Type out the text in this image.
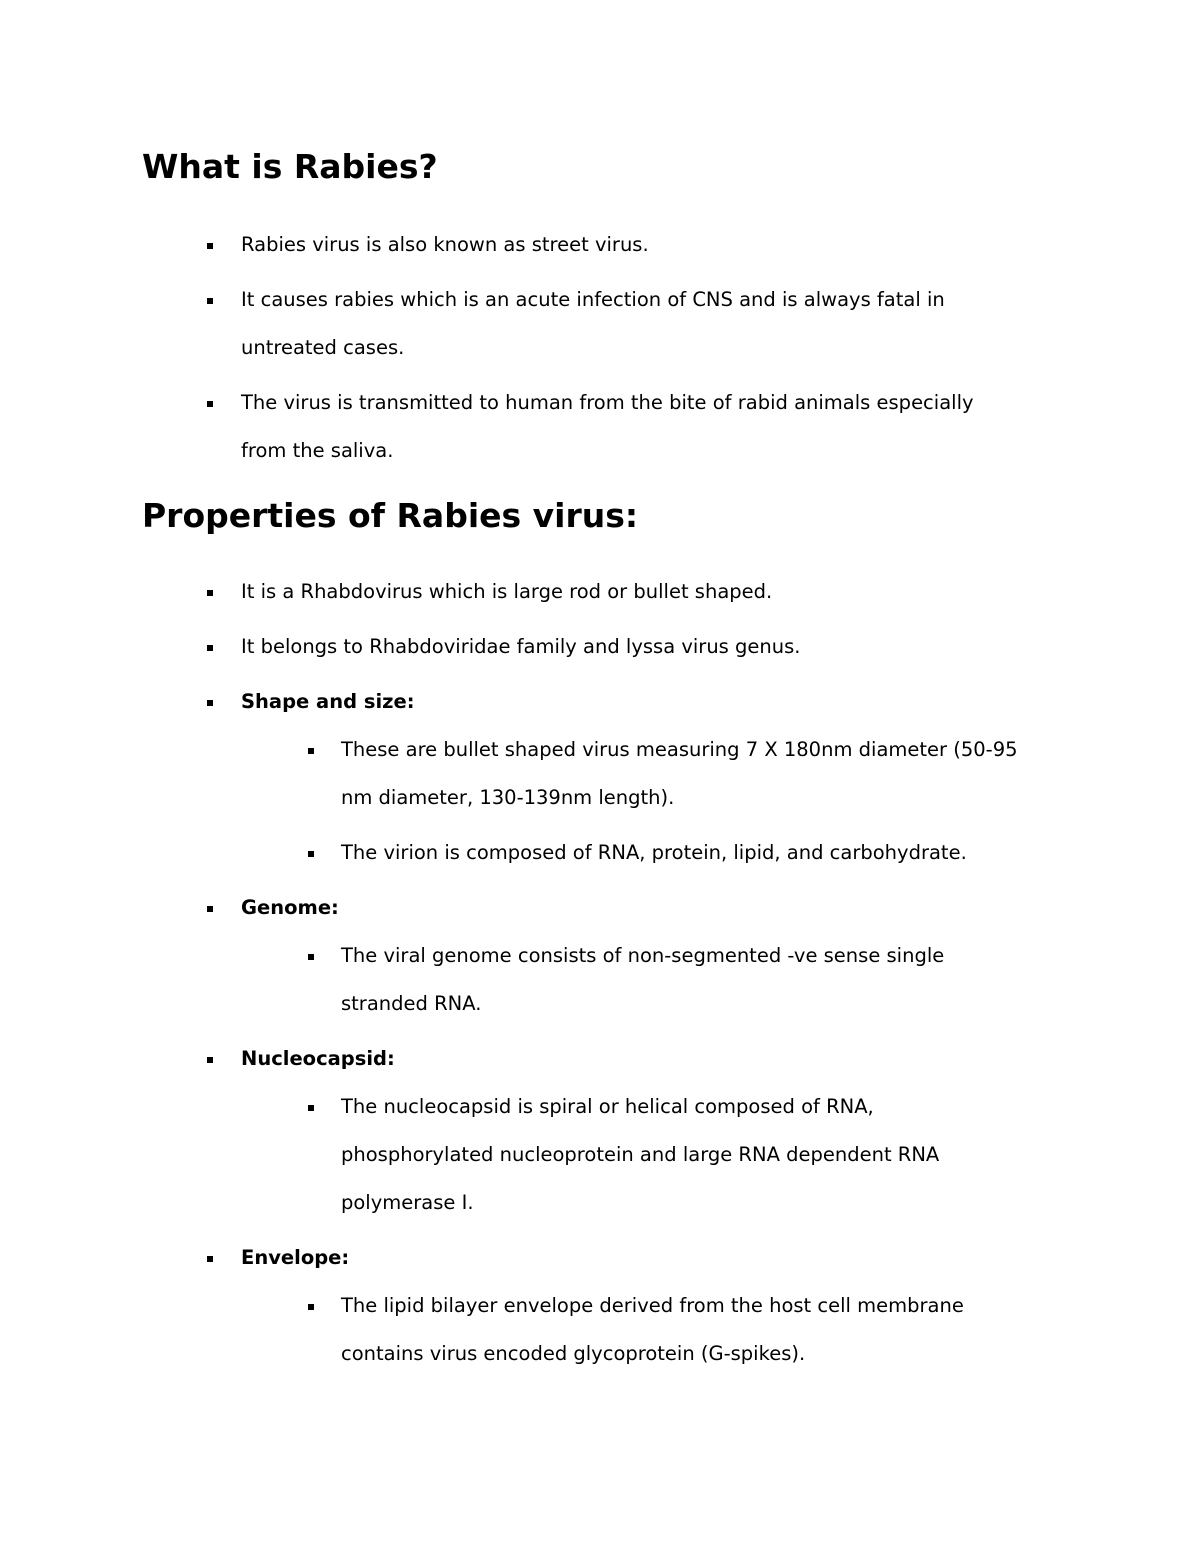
What is Rabies?
Rabies virus is also known as street virus.
It causes rabies which is an acute infection of CNS and is always fatal in
untreated cases.
The virus is transmitted to human from the bite of rabid animals especially
from the saliva.
Properties of Rabies virus:
It is a Rhabdovirus which is large rod or bullet shaped.
It belongs to Rhabdoviridae family and lyssa virus genus.
Shape and size:
These are bullet shaped virus measuring 7 X 180nm diameter (50-95
nm diameter, 130-139nm length).
The virion is composed of RNA, protein, lipid, and carbohydrate.
Genome:
The viral genome consists of non-segmented -ve sense single
stranded RNA.
Nucleocapsid:
The nucleocapsid is spiral or helical composed of RNA,
phosphorylated nucleoprotein and large RNA dependent RNA
polymerase I.
Envelope:
The lipid bilayer envelope derived from the host cell membrane
contains virus encoded glycoprotein (G-spikes).
